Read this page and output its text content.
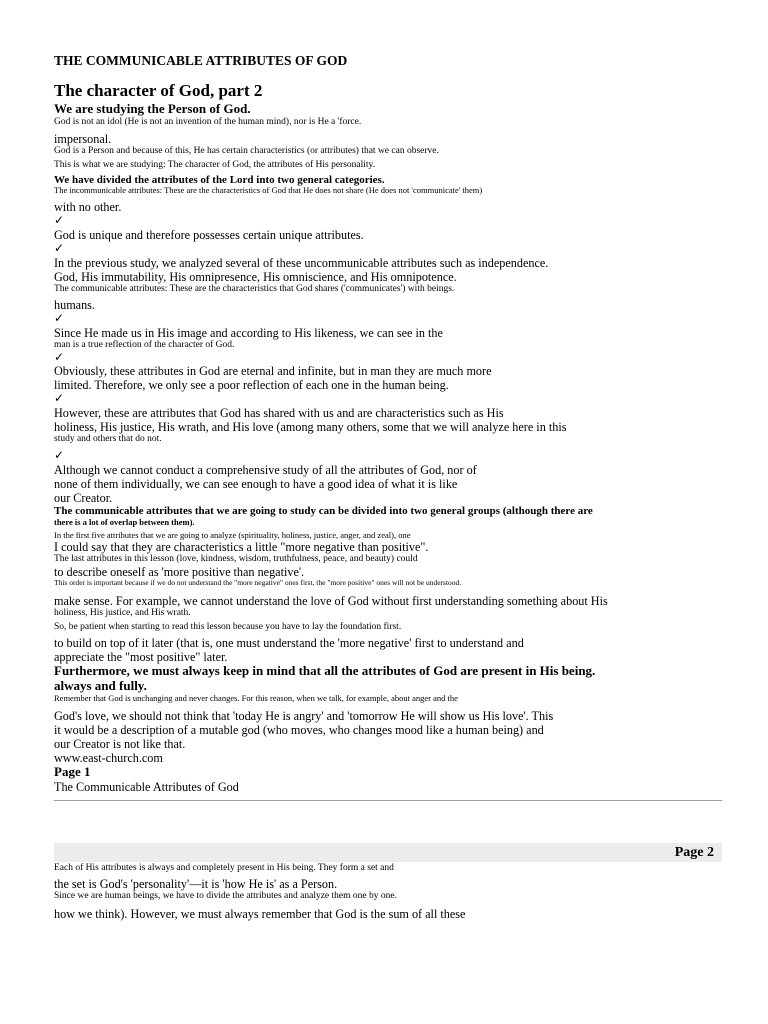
THE COMMUNICABLE ATTRIBUTES OF GOD
The character of God, part 2
We are studying the Person of God.
God is not an idol (He is not an invention of the human mind), nor is He a 'force.
impersonal.
God is a Person and because of this, He has certain characteristics (or attributes) that we can observe.
This is what we are studying: The character of God, the attributes of His personality.
We have divided the attributes of the Lord into two general categories.
The incommunicable attributes: These are the characteristics of God that He does not share (He does not 'communicate' them)
with no other.
✓
God is unique and therefore possesses certain unique attributes.
✓
In the previous study, we analyzed several of these uncommunicable attributes such as independence.
God, His immutability, His omnipresence, His omniscience, and His omnipotence.
The communicable attributes: These are the characteristics that God shares ('communicates') with beings.
humans.
✓
Since He made us in His image and according to His likeness, we can see in the
man is a true reflection of the character of God.
✓
Obviously, these attributes in God are eternal and infinite, but in man they are much more
limited. Therefore, we only see a poor reflection of each one in the human being.
✓
However, these are attributes that God has shared with us and are characteristics such as His
holiness, His justice, His wrath, and His love (among many others, some that we will analyze here in this
study and others that do not.
✓
Although we cannot conduct a comprehensive study of all the attributes of God, nor of
none of them individually, we can see enough to have a good idea of what it is like
our Creator.
The communicable attributes that we are going to study can be divided into two general groups (although there are
there is a lot of overlap between them).
In the first five attributes that we are going to analyze (spirituality, holiness, justice, anger, and zeal), one
I could say that they are characteristics a little "more negative than positive".
The last attributes in this lesson (love, kindness, wisdom, truthfulness, peace, and beauty) could
to describe oneself as 'more positive than negative'.
This order is important because if we do not understand the "more negative" ones first, the "more positive" ones will not be understood.
make sense. For example, we cannot understand the love of God without first understanding something about His
holiness, His justice, and His wrath.
So, be patient when starting to read this lesson because you have to lay the foundation first.
to build on top of it later (that is, one must understand the 'more negative' first to understand and
appreciate the "most positive" later.
Furthermore, we must always keep in mind that all the attributes of God are present in His being.
always and fully.
Remember that God is unchanging and never changes. For this reason, when we talk, for example, about anger and the
God's love, we should not think that 'today He is angry' and 'tomorrow He will show us His love'. This
it would be a description of a mutable god (who moves, who changes mood like a human being) and
our Creator is not like that.
www.east-church.com
Page 1
The Communicable Attributes of God
Page 2
Each of His attributes is always and completely present in His being. They form a set and
the set is God's 'personality'—it is 'how He is' as a Person.
Since we are human beings, we have to divide the attributes and analyze them one by one.
how we think). However, we must always remember that God is the sum of all these
